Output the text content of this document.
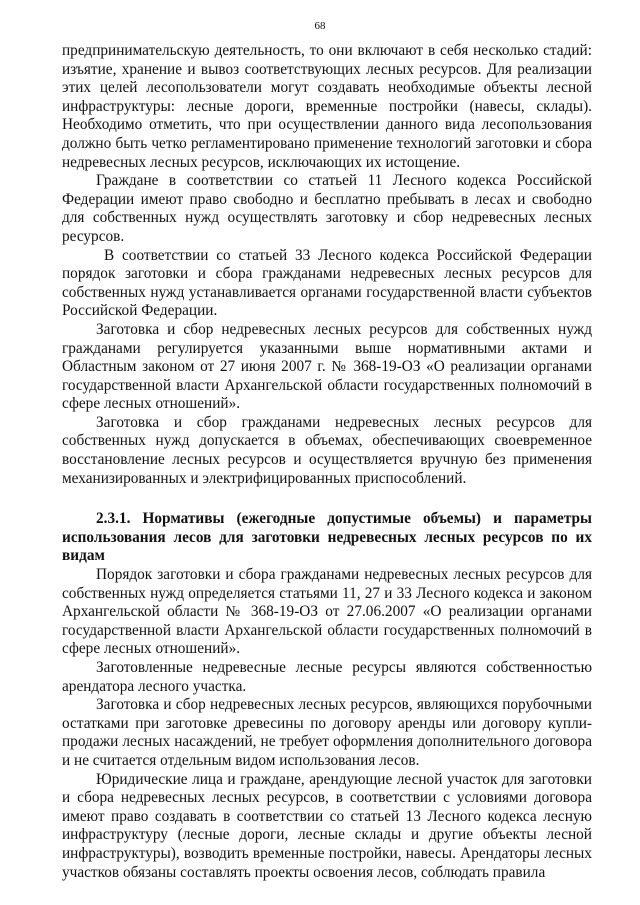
68

предпринимательскую деятельность, то они включают в себя несколько стадий: изъятие, хранение и вывоз соответствующих лесных ресурсов. Для реализации этих целей лесопользователи могут создавать необходимые объекты лесной инфраструктуры: лесные дороги, временные постройки (навесы, склады). Необходимо отметить, что при осуществлении данного вида лесопользования должно быть четко регламентировано применение технологий заготовки и сбора недревесных лесных ресурсов, исключающих их истощение.

Граждане в соответствии со статьей 11 Лесного кодекса Российской Федерации имеют право свободно и бесплатно пребывать в лесах и свободно для собственных нужд осуществлять заготовку и сбор недревесных лесных ресурсов.

В соответствии со статьей 33 Лесного кодекса Российской Федерации порядок заготовки и сбора гражданами недревесных лесных ресурсов для собственных нужд устанавливается органами государственной власти субъектов Российской Федерации.

Заготовка и сбор недревесных лесных ресурсов для собственных нужд гражданами регулируется указанными выше нормативными актами и Областным законом от 27 июня 2007 г. № 368-19-ОЗ «О реализации органами государственной власти Архангельской области государственных полномочий в сфере лесных отношений».

Заготовка и сбор гражданами недревесных лесных ресурсов для собственных нужд допускается в объемах, обеспечивающих своевременное восстановление лесных ресурсов и осуществляется вручную без применения механизированных и электрифицированных приспособлений.

2.3.1. Нормативы (ежегодные допустимые объемы) и параметры использования лесов для заготовки недревесных лесных ресурсов по их видам

Порядок заготовки и сбора гражданами недревесных лесных ресурсов для собственных нужд определяется статьями 11, 27 и 33 Лесного кодекса и законом Архангельской области № 368-19-ОЗ от 27.06.2007 «О реализации органами государственной власти Архангельской области государственных полномочий в сфере лесных отношений».

Заготовленные недревесные лесные ресурсы являются собственностью арендатора лесного участка.

Заготовка и сбор недревесных лесных ресурсов, являющихся порубочными остатками при заготовке древесины по договору аренды или договору купли-продажи лесных насаждений, не требует оформления дополнительного договора и не считается отдельным видом использования лесов.

Юридические лица и граждане, арендующие лесной участок для заготовки и сбора недревесных лесных ресурсов, в соответствии с условиями договора имеют право создавать в соответствии со статьей 13 Лесного кодекса лесную инфраструктуру (лесные дороги, лесные склады и другие объекты лесной инфраструктуры), возводить временные постройки, навесы. Арендаторы лесных участков обязаны составлять проекты освоения лесов, соблюдать правила
